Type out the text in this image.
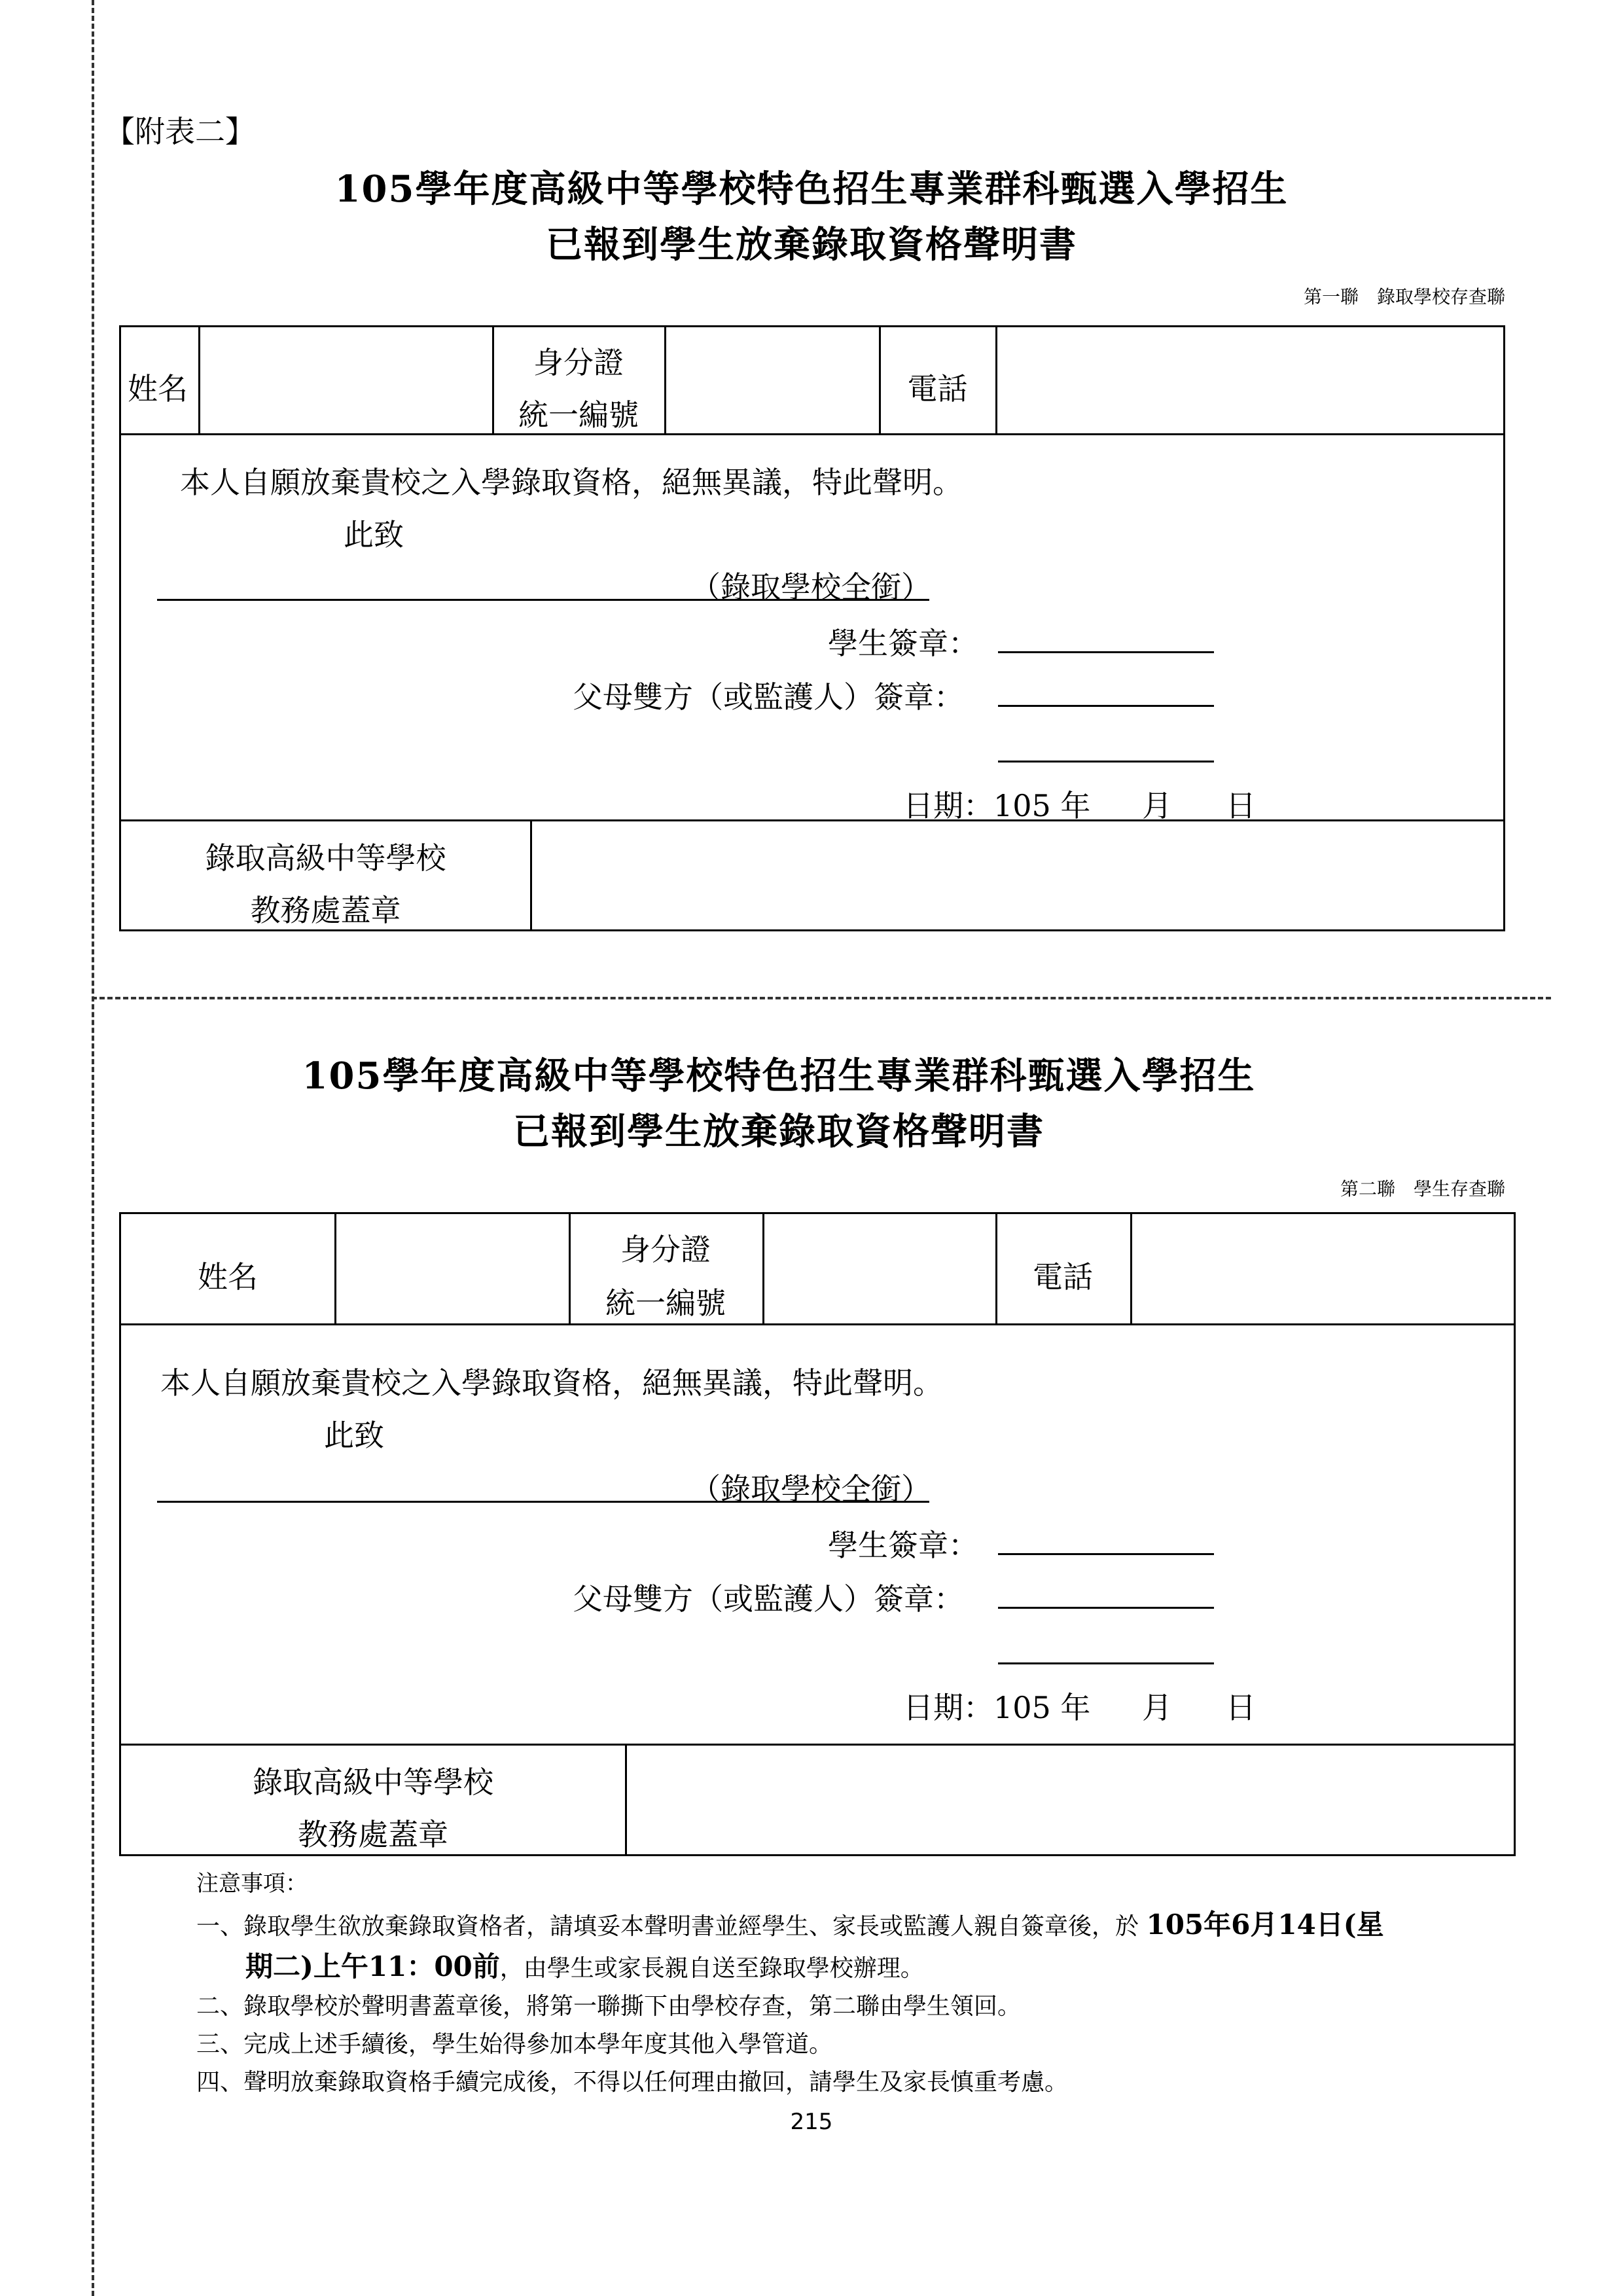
【附表二】
105學年度高級中等學校特色招生專業群科甄選入學招生
已報到學生放棄錄取資格聲明書
第一聯　錄取學校存查聯
姓名
身分證
統一編號
電話
本人自願放棄貴校之入學錄取資格，絕無異議，特此聲明。
此致
（錄取學校全銜）
學生簽章：
父母雙方（或監護人）簽章：
日期：105 年 月 日
錄取高級中等學校
教務處蓋章
105學年度高級中等學校特色招生專業群科甄選入學招生
已報到學生放棄錄取資格聲明書
第二聯　學生存查聯
姓名
身分證
統一編號
電話
本人自願放棄貴校之入學錄取資格，絕無異議，特此聲明。
此致
（錄取學校全銜）
學生簽章：
父母雙方（或監護人）簽章：
日期：105 年 月 日
錄取高級中等學校
教務處蓋章
注意事項：
一、錄取學生欲放棄錄取資格者，請填妥本聲明書並經學生、家長或監護人親自簽章後，於 105年6月14日(星
期二)上午11：00前，由學生或家長親自送至錄取學校辦理。
二、錄取學校於聲明書蓋章後，將第一聯撕下由學校存查，第二聯由學生領回。
三、完成上述手續後，學生始得參加本學年度其他入學管道。
四、聲明放棄錄取資格手續完成後，不得以任何理由撤回，請學生及家長慎重考慮。
215
